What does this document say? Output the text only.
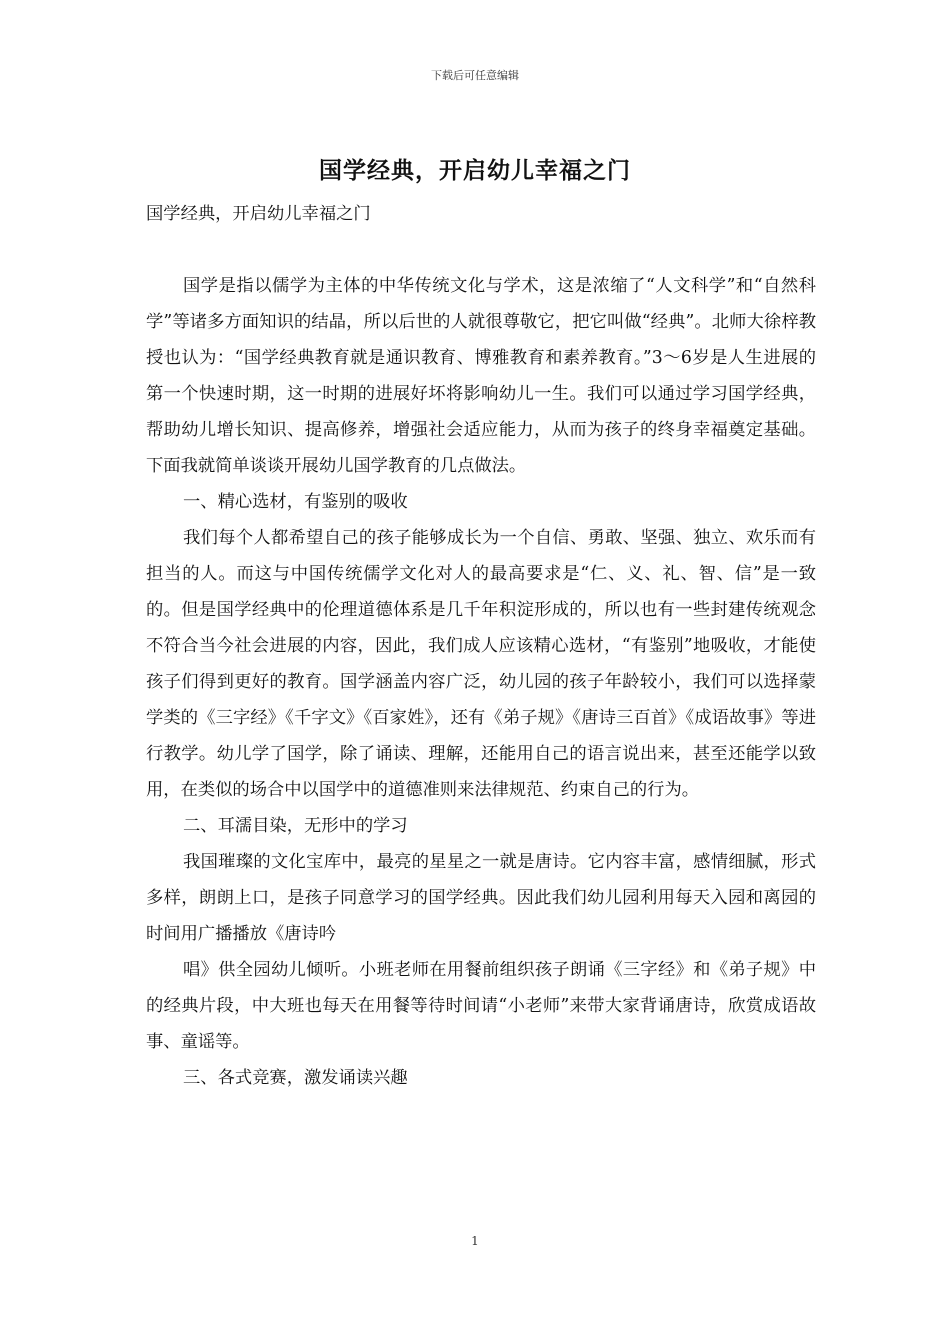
下载后可任意编辑
国学经典，开启幼儿幸福之门

国学经典，开启幼儿幸福之门

国学是指以儒学为主体的中华传统文化与学术，这是浓缩了“人文科学”和“自然科学”等诸多方面知识的结晶，所以后世的人就很尊敬它，把它叫做“经典”。北师大徐梓教授也认为：“国学经典教育就是通识教育、博雅教育和素养教育。”3～6岁是人生进展的第一个快速时期，这一时期的进展好坏将影响幼儿一生。我们可以通过学习国学经典，帮助幼儿增长知识、提高修养，增强社会适应能力，从而为孩子的终身幸福奠定基础。下面我就简单谈谈开展幼儿国学教育的几点做法。

一、精心选材，有鉴别的吸收

我们每个人都希望自己的孩子能够成长为一个自信、勇敢、坚强、独立、欢乐而有担当的人。而这与中国传统儒学文化对人的最高要求是“仁、义、礼、智、信”是一致的。但是国学经典中的伦理道德体系是几千年积淀形成的，所以也有一些封建传统观念不符合当今社会进展的内容，因此，我们成人应该精心选材，“有鉴别”地吸收，才能使孩子们得到更好的教育。国学涵盖内容广泛，幼儿园的孩子年龄较小，我们可以选择蒙学类的《三字经》《千字文》《百家姓》，还有《弟子规》《唐诗三百首》《成语故事》等进行教学。幼儿学了国学，除了诵读、理解，还能用自己的语言说出来，甚至还能学以致用，在类似的场合中以国学中的道德准则来法律规范、约束自己的行为。

二、耳濡目染，无形中的学习

我国璀璨的文化宝库中，最亮的星星之一就是唐诗。它内容丰富，感情细腻，形式多样，朗朗上口，是孩子同意学习的国学经典。因此我们幼儿园利用每天入园和离园的时间用广播播放《唐诗吟

唱》供全园幼儿倾听。小班老师在用餐前组织孩子朗诵《三字经》和《弟子规》中的经典片段，中大班也每天在用餐等待时间请“小老师”来带大家背诵唐诗，欣赏成语故事、童谣等。

三、各式竞赛，激发诵读兴趣

1
